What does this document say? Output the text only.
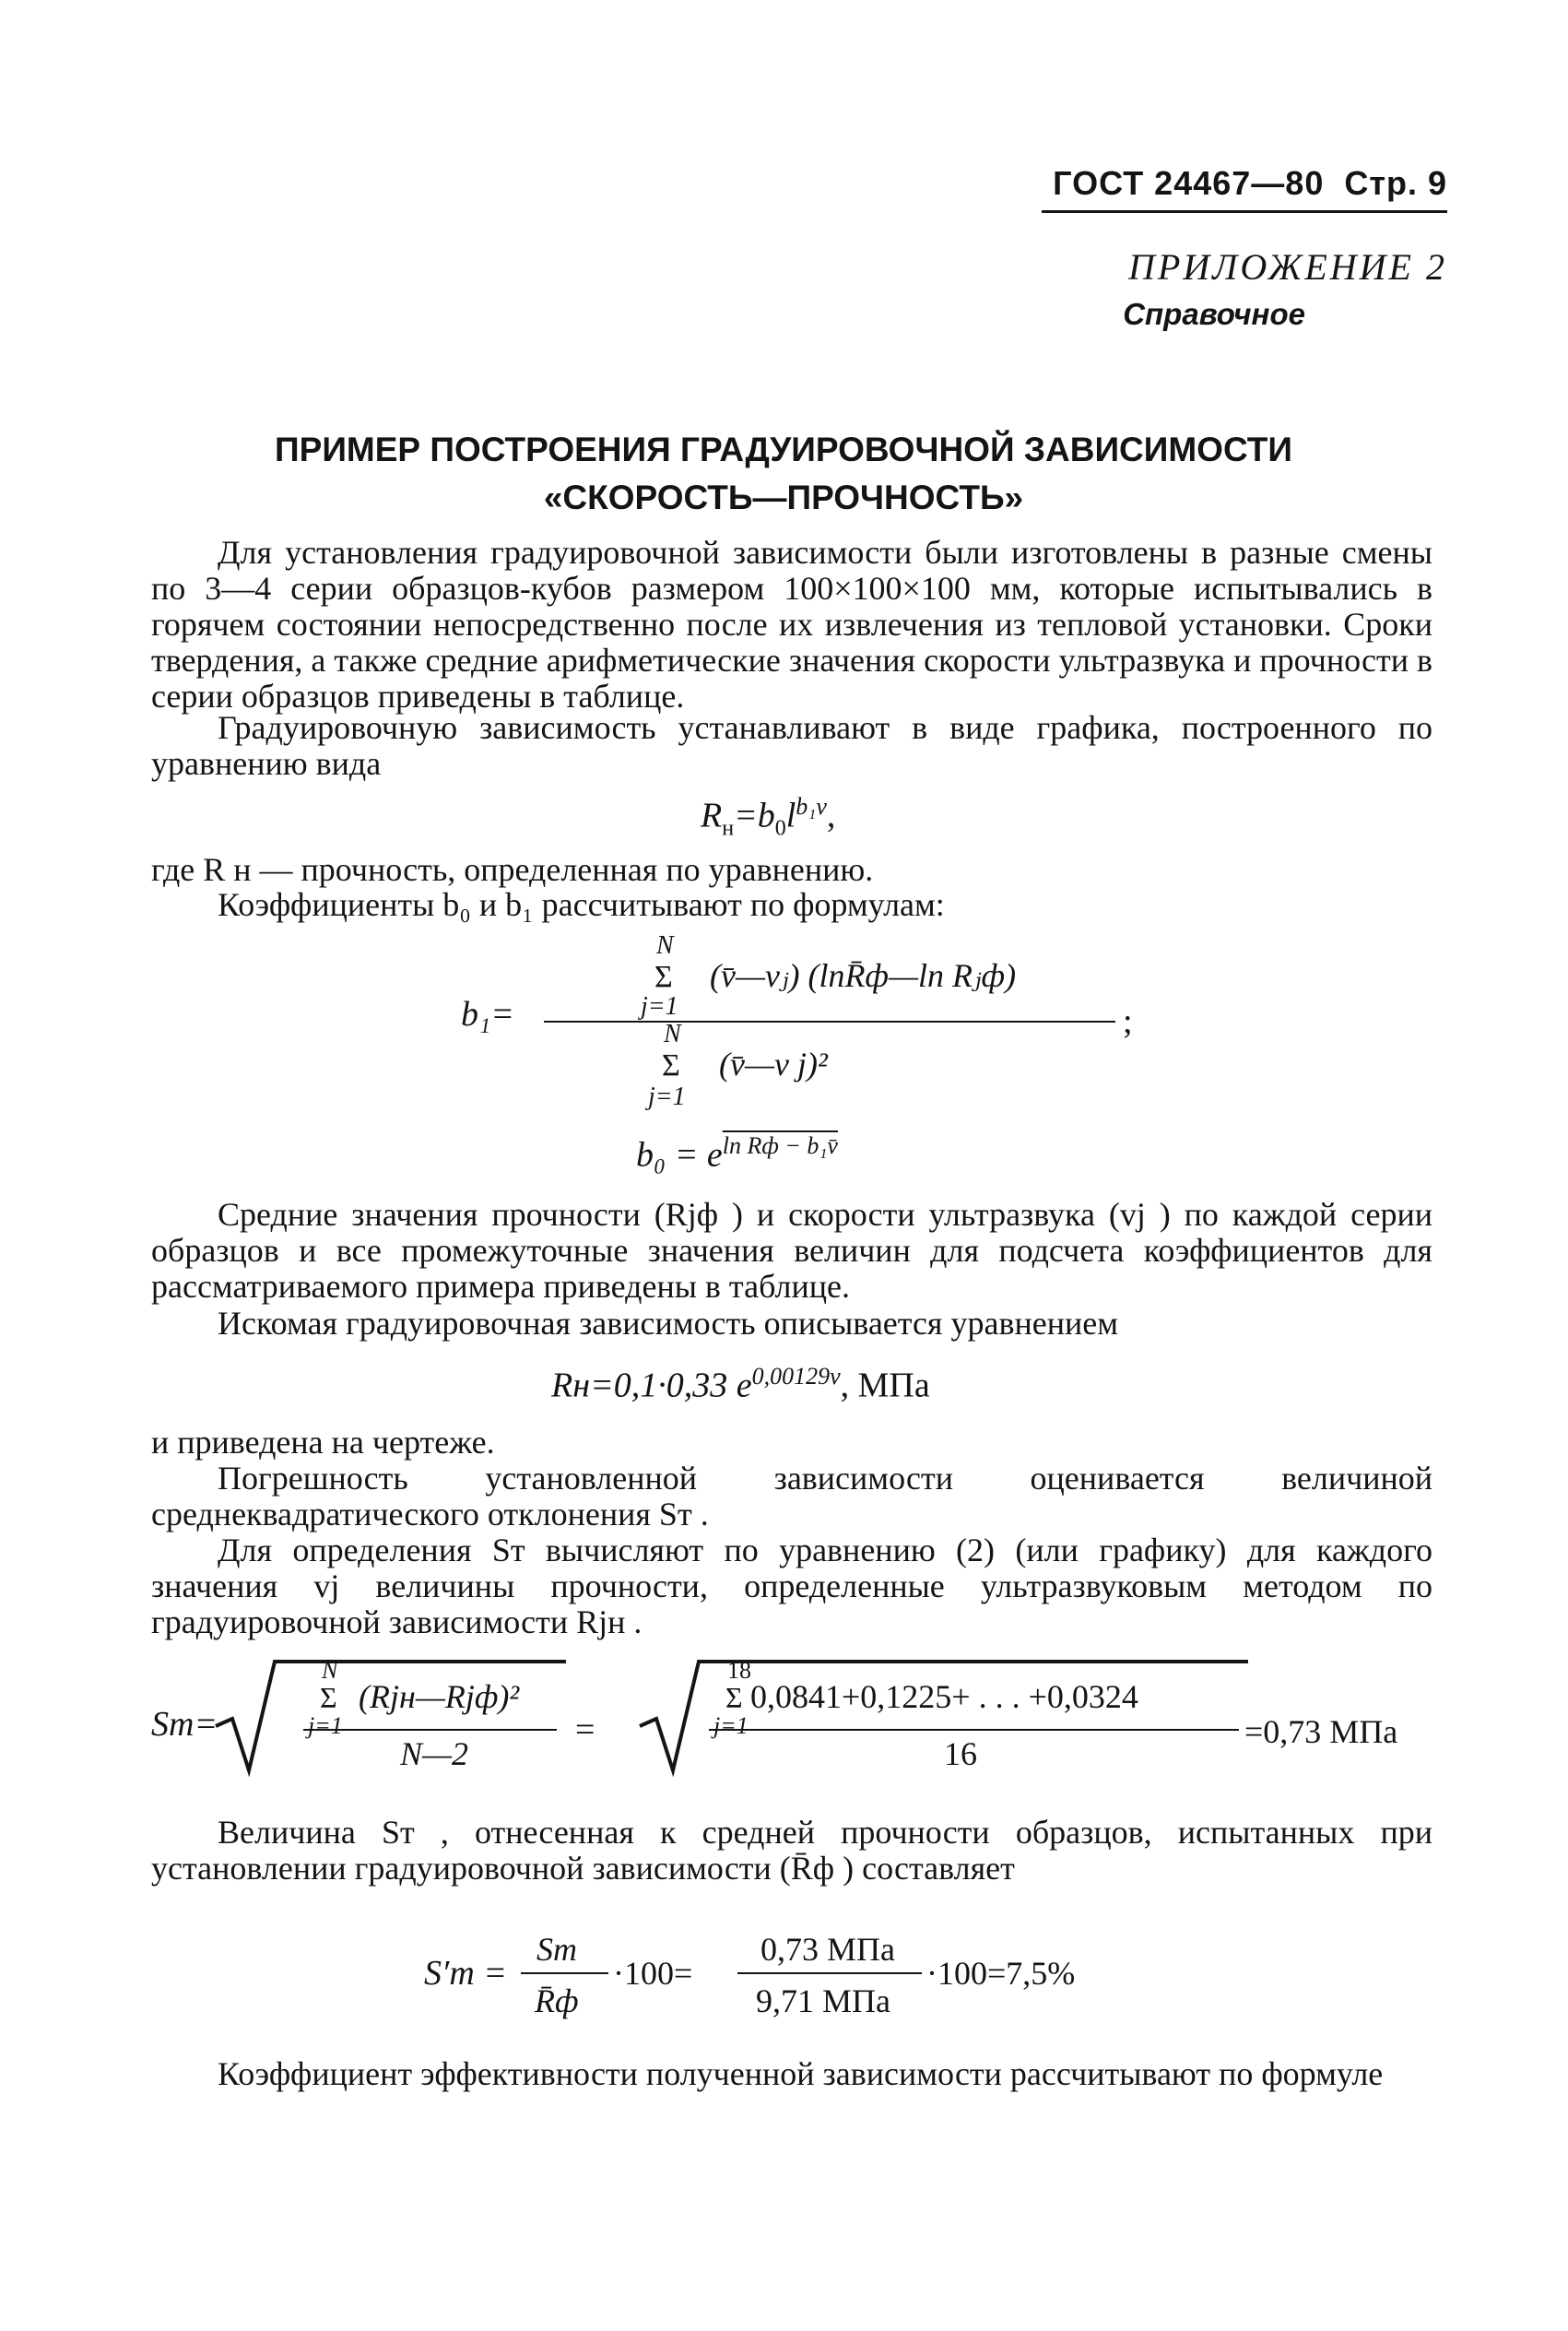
ГОСТ 24467—80 Стр. 9
ПРИЛОЖЕНИЕ 2
Справочное
ПРИМЕР ПОСТРОЕНИЯ ГРАДУИРОВОЧНОЙ ЗАВИСИМОСТИ
«СКОРОСТЬ—ПРОЧНОСТЬ»
Для установления градуировочной зависимости были изготовлены в разные смены по 3—4 серии образцов-кубов размером 100×100×100 мм, которые испытывались в горячем состоянии непосредственно после их извлечения из тепловой установки. Сроки твердения, а также средние арифметические значения скорости ультразвука и прочности в серии образцов приведены в таблице.
Градуировочную зависимость устанавливают в виде графика, построенного по уравнению вида
$R_н=b_0l^{b_1v}$,
где R н — прочность, определенная по уравнению.
Коэффициенты b₀ и b₁ рассчитывают по формулам:
b₁=
N
Σ
j=1
(v̄—vⱼ) (lnR̄ф—ln Rⱼф)
N
Σ
j=1
(v̄—v j)²
;
$b_0 = e^{ln Rф - b_1v̄}$
Средние значения прочности (Rjф ) и скорости ультразвука (vj ) по каждой серии образцов и все промежуточные значения величин для подсчета коэффициентов для рассматриваемого примера приведены в таблице.
Искомая градуировочная зависимость описывается уравнением
Rн=0,1·0,33 $e^{0,00129v}$, МПа
и приведена на чертеже.
Погрешность установленной зависимости оценивается величиной среднеквадратического отклонения Sт .
Для определения Sт вычисляют по уравнению (2) (или графику) для каждого значения vj величины прочности, определенные ультразвуковым методом по градуировочной зависимости Rjн .
Sт=
N
Σ
j=1
(Rjн—Rjф)²
N—2
=
18
Σ
j=1
0,0841+0,1225+ . . . +0,0324
16
=0,73 МПа
Величина Sт , отнесенная к средней прочности образцов, испытанных при установлении градуировочной зависимости (R̄ф ) составляет
S′т =
Sт
R̄ф
·100=
0,73 МПа
9,71 МПа
·100=7,5%
Коэффициент эффективности полученной зависимости рассчитывают по формуле
